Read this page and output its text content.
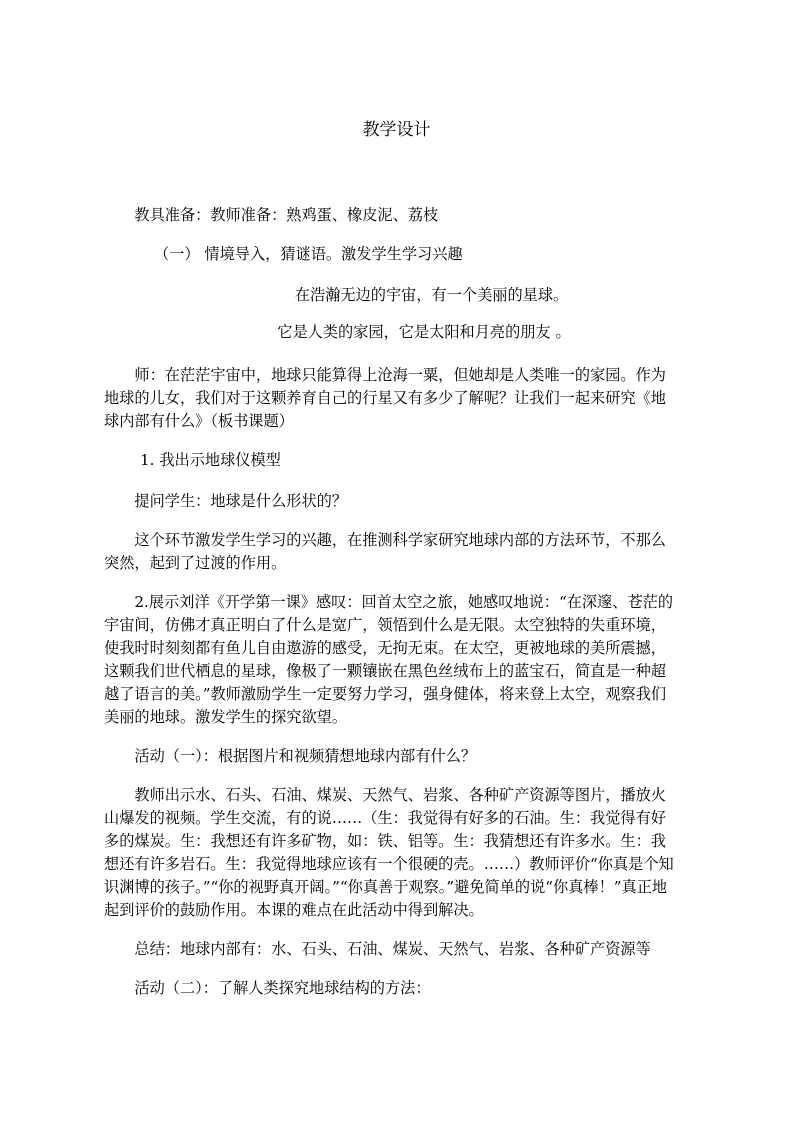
教学设计

教具准备：教师准备：熟鸡蛋、橡皮泥、荔枝

（一） 情境导入，猜谜语。激发学生学习兴趣

在浩瀚无边的宇宙，有一个美丽的星球。

它是人类的家园，它是太阳和月亮的朋友 。

师：在茫茫宇宙中，地球只能算得上沧海一粟，但她却是人类唯一的家园。作为地球的儿女，我们对于这颗养育自己的行星又有多少了解呢？让我们一起来研究《地球内部有什么》（板书课题）

1. 我出示地球仪模型

提问学生：地球是什么形状的？

这个环节激发学生学习的兴趣，在推测科学家研究地球内部的方法环节，不那么突然，起到了过渡的作用。

2.展示刘洋《开学第一课》感叹：回首太空之旅，她感叹地说：“在深邃、苍茫的宇宙间，仿佛才真正明白了什么是宽广，领悟到什么是无限。太空独特的失重环境，使我时时刻刻都有鱼儿自由遨游的感受，无拘无束。在太空，更被地球的美所震撼，这颗我们世代栖息的星球，像极了一颗镶嵌在黑色丝绒布上的蓝宝石，简直是一种超越了语言的美。”教师激励学生一定要努力学习，强身健体，将来登上太空，观察我们美丽的地球。激发学生的探究欲望。

活动（一）：根据图片和视频猜想地球内部有什么？

教师出示水、石头、石油、煤炭、天然气、岩浆、各种矿产资源等图片，播放火山爆发的视频。学生交流，有的说……（生：我觉得有好多的石油。生：我觉得有好多的煤炭。生：我想还有许多矿物，如：铁、铝等。生：我猜想还有许多水。生：我想还有许多岩石。生：我觉得地球应该有一个很硬的壳。……）教师评价“你真是个知识渊博的孩子。”“你的视野真开阔。”“你真善于观察。”避免简单的说“你真棒！”真正地起到评价的鼓励作用。本课的难点在此活动中得到解决。

总结：地球内部有：水、石头、石油、煤炭、天然气、岩浆、各种矿产资源等

活动（二）：了解人类探究地球结构的方法：
